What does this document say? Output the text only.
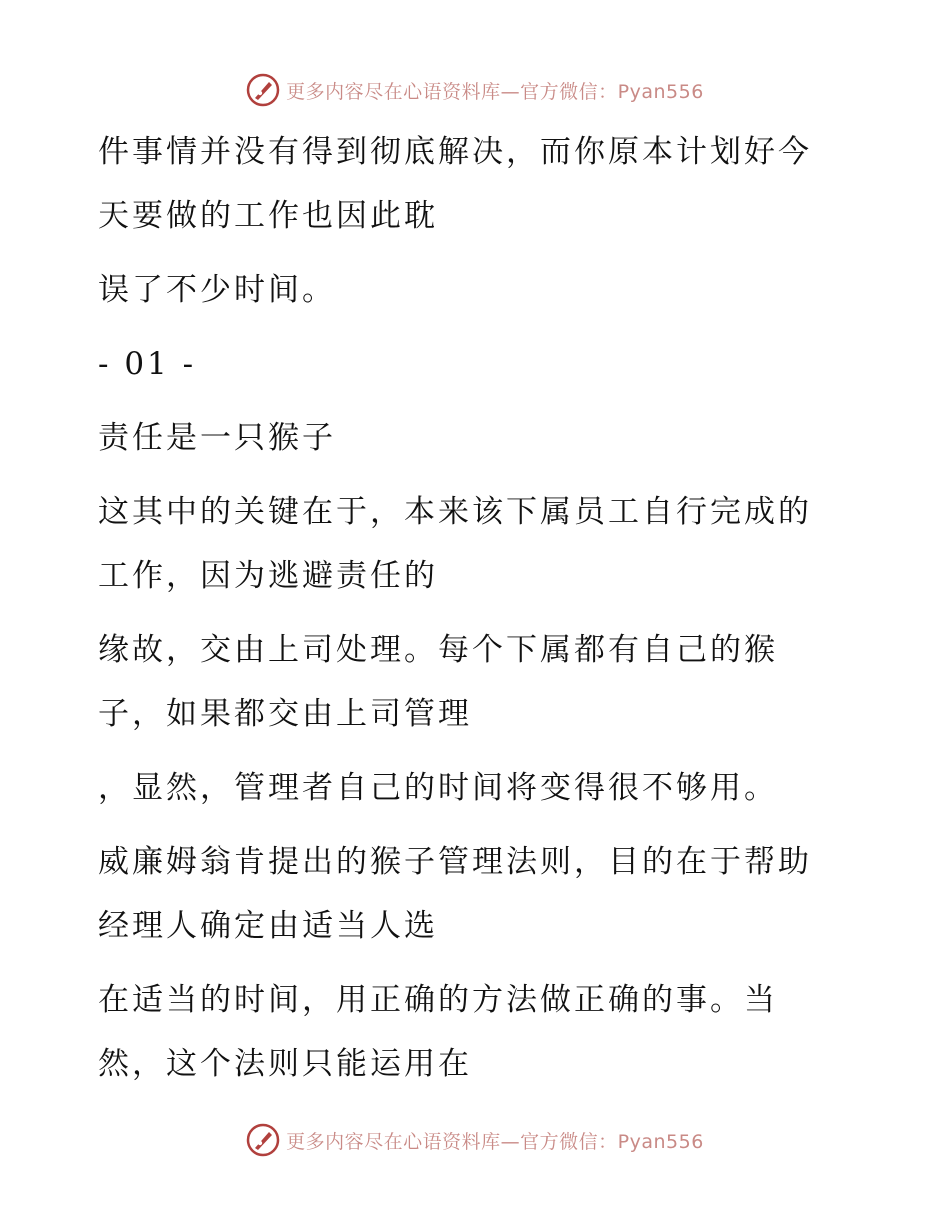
更多内容尽在心语资料库—官方微信：Pyan556

件事情并没有得到彻底解决，而你原本计划好今天要做的工作也因此耽

误了不少时间。

- 01 -

责任是一只猴子

这其中的关键在于，本来该下属员工自行完成的工作，因为逃避责任的

缘故，交由上司处理。每个下属都有自己的猴子，如果都交由上司管理

，显然，管理者自己的时间将变得很不够用。

威廉姆翁肯提出的猴子管理法则，目的在于帮助经理人确定由适当人选

在适当的时间，用正确的方法做正确的事。当然，这个法则只能运用在

更多内容尽在心语资料库—官方微信：Pyan556
